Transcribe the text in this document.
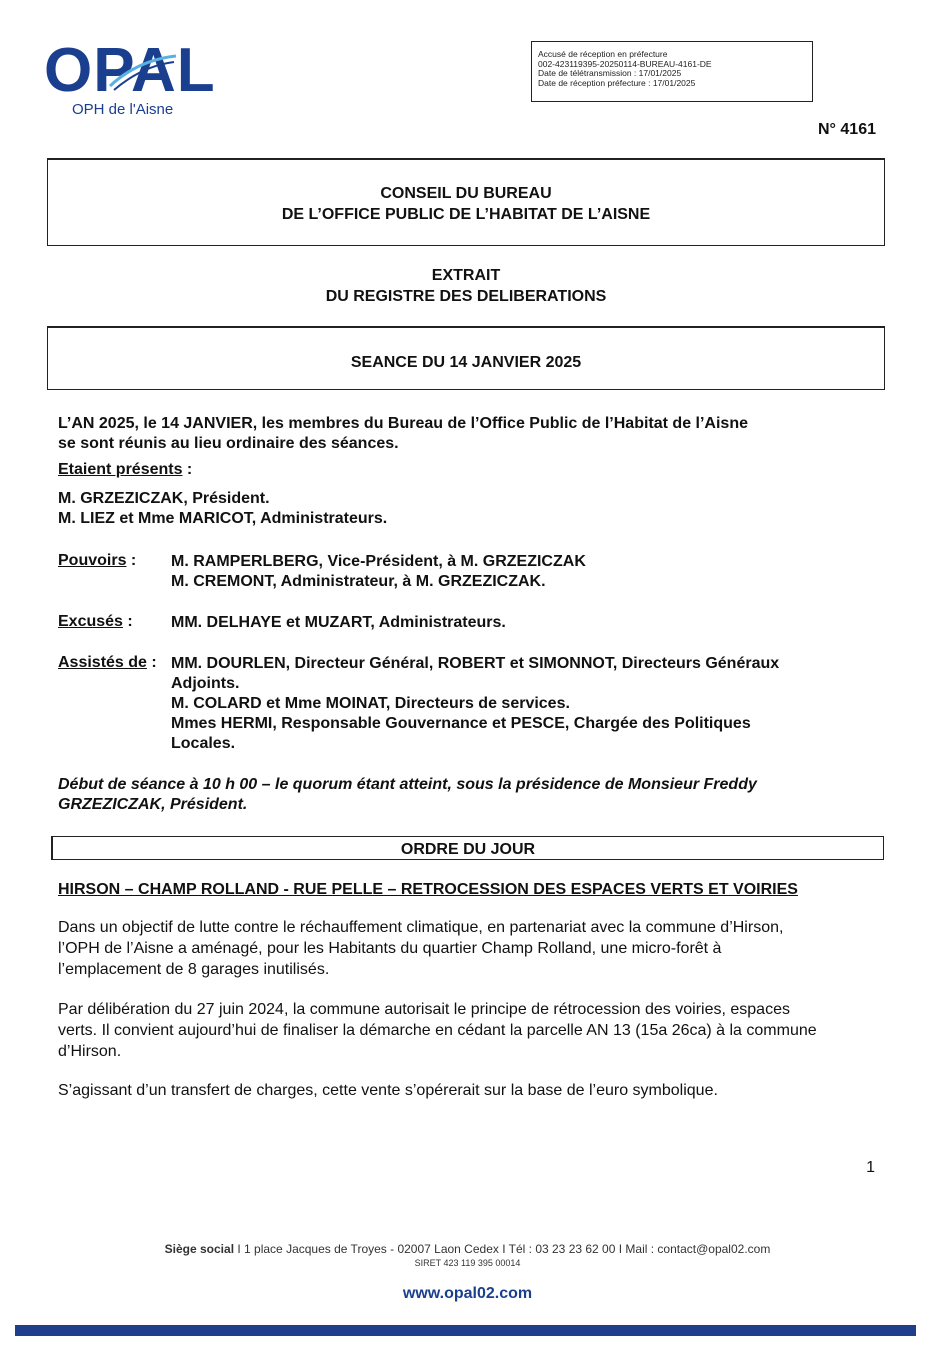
OPAL
OPH de l'Aisne
Accusé de réception en préfecture
002-423119395-20250114-BUREAU-4161-DE
Date de télétransmission : 17/01/2025
Date de réception préfecture : 17/01/2025
N° 4161
CONSEIL DU BUREAU
DE L’OFFICE PUBLIC DE L’HABITAT DE L’AISNE
EXTRAIT
DU REGISTRE DES DELIBERATIONS
SEANCE DU 14 JANVIER 2025
L’AN 2025, le 14 JANVIER, les membres du Bureau de l’Office Public de l’Habitat de l’Aisne
se sont réunis au lieu ordinaire des séances.
Etaient présents :
M. GRZEZICZAK, Président.
M. LIEZ et Mme MARICOT, Administrateurs.
Pouvoirs : M. RAMPERLBERG, Vice-Président, à M. GRZEZICZAK
M. CREMONT, Administrateur, à M. GRZEZICZAK.
Excusés : MM. DELHAYE et MUZART, Administrateurs.
Assistés de : MM. DOURLEN, Directeur Général, ROBERT et SIMONNOT, Directeurs Généraux
Adjoints.
M. COLARD et Mme MOINAT, Directeurs de services.
Mmes HERMI, Responsable Gouvernance et PESCE, Chargée des Politiques
Locales.
Début de séance à 10 h 00 – le quorum étant atteint, sous la présidence de Monsieur Freddy
GRZEZICZAK, Président.
ORDRE DU JOUR
HIRSON – CHAMP ROLLAND - RUE PELLE – RETROCESSION DES ESPACES VERTS ET VOIRIES
Dans un objectif de lutte contre le réchauffement climatique, en partenariat avec la commune d’Hirson,
l’OPH de l’Aisne a aménagé, pour les Habitants du quartier Champ Rolland, une micro-forêt à
l’emplacement de 8 garages inutilisés.
Par délibération du 27 juin 2024, la commune autorisait le principe de rétrocession des voiries, espaces
verts. Il convient aujourd’hui de finaliser la démarche en cédant la parcelle AN 13 (15a 26ca) à la commune
d’Hirson.
S’agissant d’un transfert de charges, cette vente s’opérerait sur la base de l’euro symbolique.
1
Siège social I 1 place Jacques de Troyes - 02007 Laon Cedex I Tél : 03 23 23 62 00 I Mail : contact@opal02.com
SIRET 423 119 395 00014
www.opal02.com
